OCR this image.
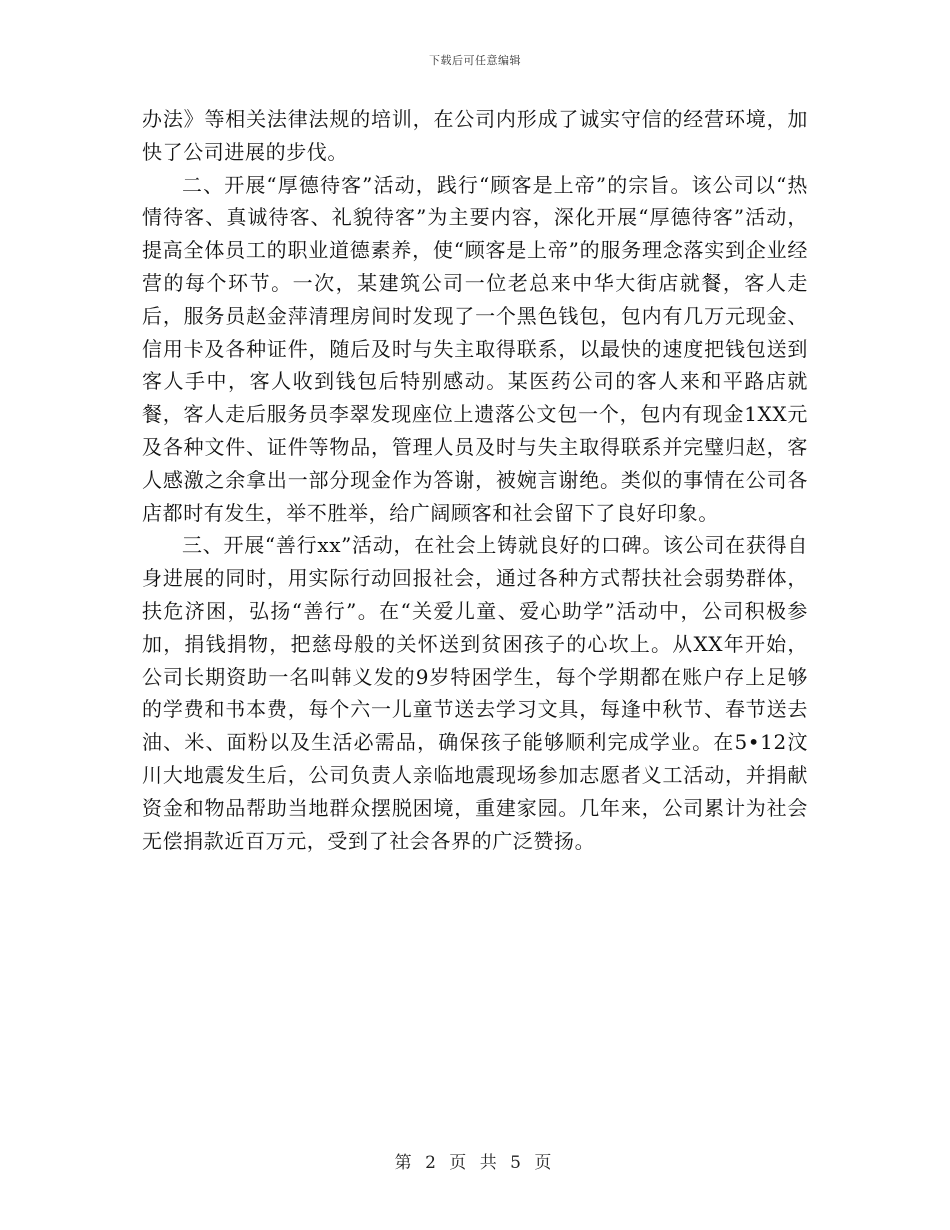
下载后可任意编辑

办法》等相关法律法规的培训，在公司内形成了诚实守信的经营环境，加快了公司进展的步伐。

二、开展“厚德待客”活动，践行“顾客是上帝”的宗旨。该公司以“热情待客、真诚待客、礼貌待客”为主要内容，深化开展“厚德待客”活动，提高全体员工的职业道德素养，使“顾客是上帝”的服务理念落实到企业经营的每个环节。一次，某建筑公司一位老总来中华大街店就餐，客人走后，服务员赵金萍清理房间时发现了一个黑色钱包，包内有几万元现金、信用卡及各种证件，随后及时与失主取得联系，以最快的速度把钱包送到客人手中，客人收到钱包后特别感动。某医药公司的客人来和平路店就餐，客人走后服务员李翠发现座位上遗落公文包一个，包内有现金1XX元及各种文件、证件等物品，管理人员及时与失主取得联系并完璧归赵，客人感激之余拿出一部分现金作为答谢，被婉言谢绝。类似的事情在公司各店都时有发生，举不胜举，给广阔顾客和社会留下了良好印象。

三、开展“善行xx”活动，在社会上铸就良好的口碑。该公司在获得自身进展的同时，用实际行动回报社会，通过各种方式帮扶社会弱势群体，扶危济困，弘扬“善行”。在“关爱儿童、爱心助学”活动中，公司积极参加，捐钱捐物，把慈母般的关怀送到贫困孩子的心坎上。从XX年开始，公司长期资助一名叫韩义发的9岁特困学生，每个学期都在账户存上足够的学费和书本费，每个六一儿童节送去学习文具，每逢中秋节、春节送去油、米、面粉以及生活必需品，确保孩子能够顺利完成学业。在5•12汶川大地震发生后，公司负责人亲临地震现场参加志愿者义工活动，并捐献资金和物品帮助当地群众摆脱困境，重建家园。几年来，公司累计为社会无偿捐款近百万元，受到了社会各界的广泛赞扬。

第 2 页 共 5 页
